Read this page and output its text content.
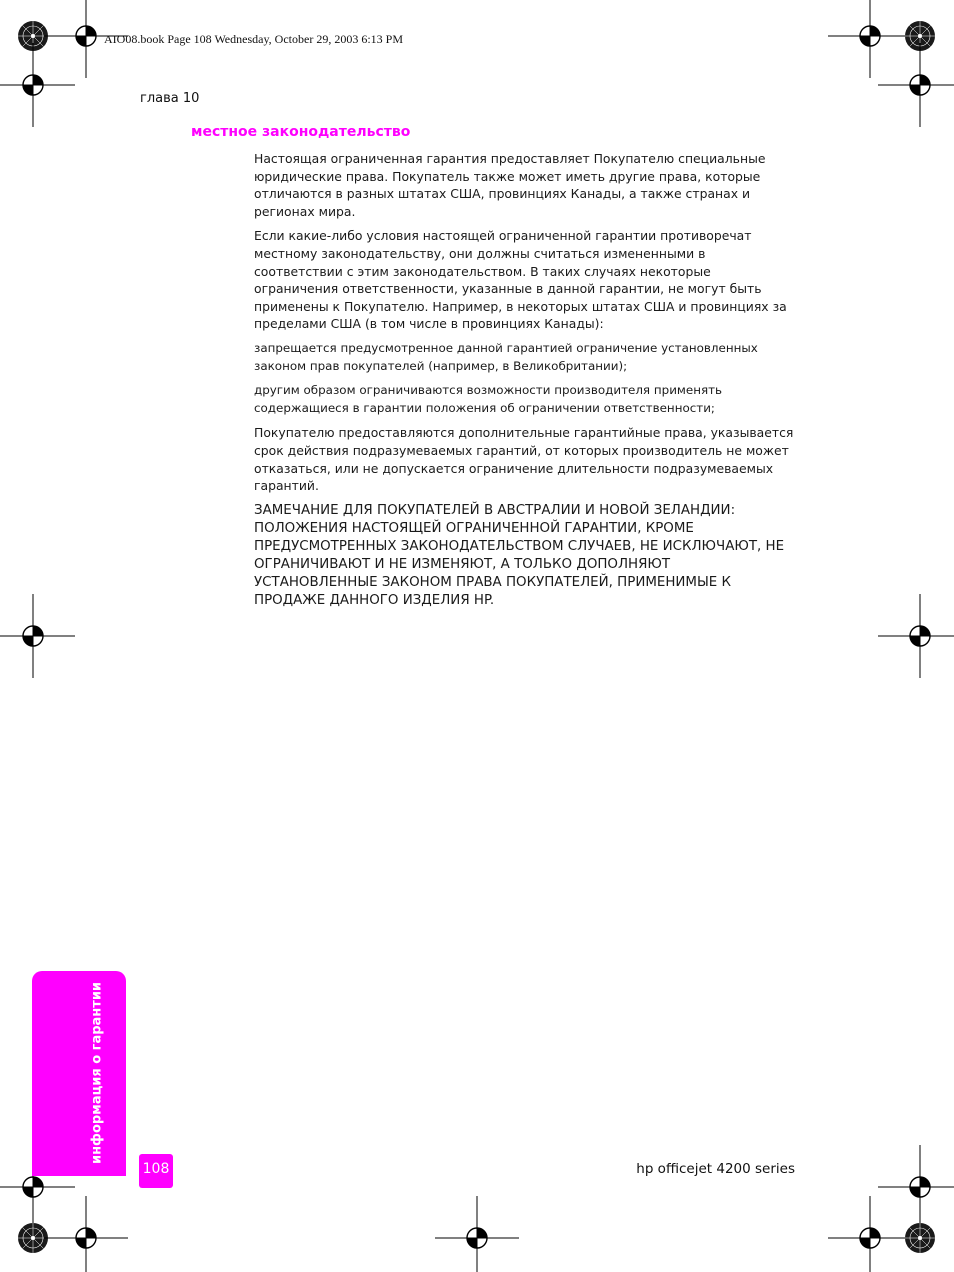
AIO08.book Page 108 Wednesday, October 29, 2003 6:13 PM
глава 10
местное законодательство

Настоящая ограниченная гарантия предоставляет Покупателю специальные юридические права. Покупатель также может иметь другие права, которые отличаются в разных штатах США, провинциях Канады, а также странах и регионах мира.

Если какие-либо условия настоящей ограниченной гарантии противоречат местному законодательству, они должны считаться измененными в соответствии с этим законодательством. В таких случаях некоторые ограничения ответственности, указанные в данной гарантии, не могут быть применены к Покупателю. Например, в некоторых штатах США и провинциях за пределами США (в том числе в провинциях Канады):

запрещается предусмотренное данной гарантией ограничение установленных законом прав покупателей (например, в Великобритании);

другим образом ограничиваются возможности производителя применять содержащиеся в гарантии положения об ограничении ответственности;

Покупателю предоставляются дополнительные гарантийные права, указывается срок действия подразумеваемых гарантий, от которых производитель не может отказаться, или не допускается ограничение длительности подразумеваемых гарантий.

ЗАМЕЧАНИЕ ДЛЯ ПОКУПАТЕЛЕЙ В АВСТРАЛИИ И НОВОЙ ЗЕЛАНДИИ: ПОЛОЖЕНИЯ НАСТОЯЩЕЙ ОГРАНИЧЕННОЙ ГАРАНТИИ, КРОМЕ ПРЕДУСМОТРЕННЫХ ЗАКОНОДАТЕЛЬСТВОМ СЛУЧАЕВ, НЕ ИСКЛЮЧАЮТ, НЕ ОГРАНИЧИВАЮТ И НЕ ИЗМЕНЯЮТ, А ТОЛЬКО ДОПОЛНЯЮТ УСТАНОВЛЕННЫЕ ЗАКОНОМ ПРАВА ПОКУПАТЕЛЕЙ, ПРИМЕНИМЫЕ К ПРОДАЖЕ ДАННОГО ИЗДЕЛИЯ HP.

информация о гарантии
108	hp officejet 4200 series
